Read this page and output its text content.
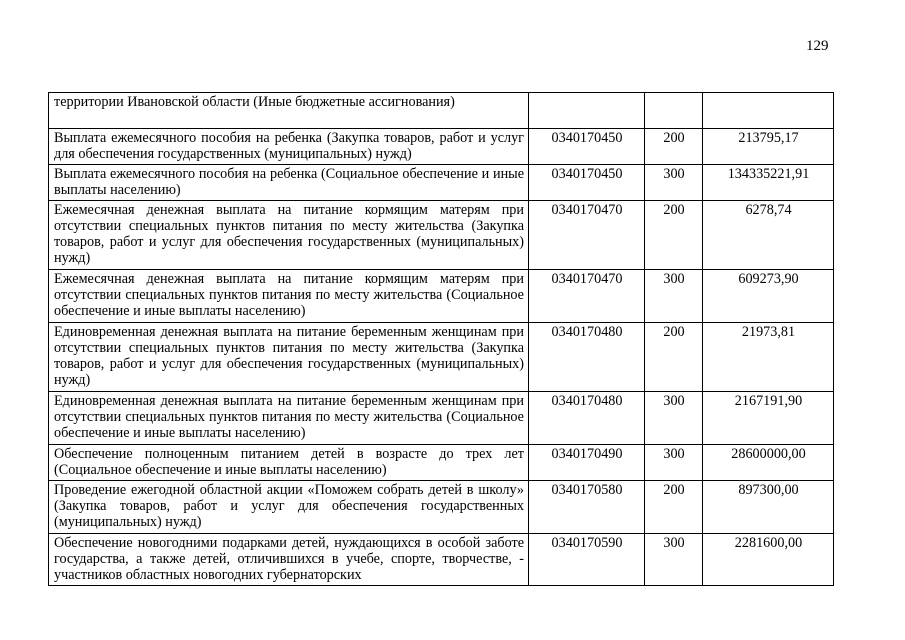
129
территории Ивановской области (Иные бюджетные ассигнования)			
Выплата ежемесячного пособия на ребенка (Закупка товаров, работ и услуг для обеспечения государственных (муниципальных) нужд)	0340170450	200	213795,17
Выплата ежемесячного пособия на ребенка (Социальное обеспечение и иные выплаты населению)	0340170450	300	134335221,91
Ежемесячная денежная выплата на питание кормящим матерям при отсутствии специальных пунктов питания по месту жительства (Закупка товаров, работ и услуг для обеспечения государственных (муниципальных) нужд)	0340170470	200	6278,74
Ежемесячная денежная выплата на питание кормящим матерям при отсутствии специальных пунктов питания по месту жительства (Социальное обеспечение и иные выплаты населению)	0340170470	300	609273,90
Единовременная денежная выплата на питание беременным женщинам при отсутствии специальных пунктов питания по месту жительства (Закупка товаров, работ и услуг для обеспечения государственных (муниципальных) нужд)	0340170480	200	21973,81
Единовременная денежная выплата на питание беременным женщинам при отсутствии специальных пунктов питания по месту жительства (Социальное обеспечение и иные выплаты населению)	0340170480	300	2167191,90
Обеспечение полноценным питанием детей в возрасте до трех лет (Социальное обеспечение и иные выплаты населению)	0340170490	300	28600000,00
Проведение ежегодной областной акции «Поможем собрать детей в школу» (Закупка товаров, работ и услуг для обеспечения государственных (муниципальных) нужд)	0340170580	200	897300,00
Обеспечение новогодними подарками детей, нуждающихся в особой заботе государства, а также детей, отличившихся в учебе, спорте, творчестве, - участников областных новогодних губернаторских	0340170590	300	2281600,00
